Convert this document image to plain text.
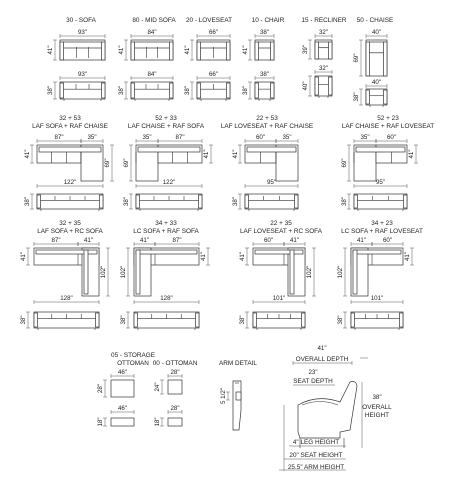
30 - SOFA
93"
41"
93"
38"
80 - MID SOFA
84"
41"
84"
38"
20 - LOVESEAT
66"
41"
66"
38"
10 - CHAIR
38"
41"
38"
38"
15 - RECLINER
32"
39"
32"
40"
50 - CHAISE
40"
69"
40"
38"
32 + 53
LAF SOFA + RAF CHAISE
87"	35"
41"
69"
122"
38"
52 + 33
LAF CHAISE + RAF SOFA
35"	87"
69"
41"
122"
38"
22 + 53
LAF LOVESEAT + RAF CHAISE
60"	35"
41"
95"
38"
52 + 23
LAF CHAISE + RAF LOVESEAT
35"	60"
69"
41"
95"
38"
32 + 35
LAF SOFA + RC SOFA
87"	41"
41"
102"
128"
38"
34 + 33
LC SOFA + RAF SOFA
41"	87"
102"
41"
128"
38"
22 + 35
LAF LOVESEAT + RC SOFA
60"	41"
41"
102"
101"
38"
34 + 23
LC SOFA + RAF LOVESEAT
41"	60"
102"
41"
101"
38"
05 - STORAGE
OTTOMAN
46"
28"
46"
18"
00 - OTTOMAN
28"
24"
28"
18"
ARM DETAIL
5 1/2"
41"
OVERALL DEPTH
23"
SEAT DEPTH
38"
OVERALL
HEIGHT
4" LEG HEIGHT
20" SEAT HEIGHT
25.5" ARM HEIGHT
